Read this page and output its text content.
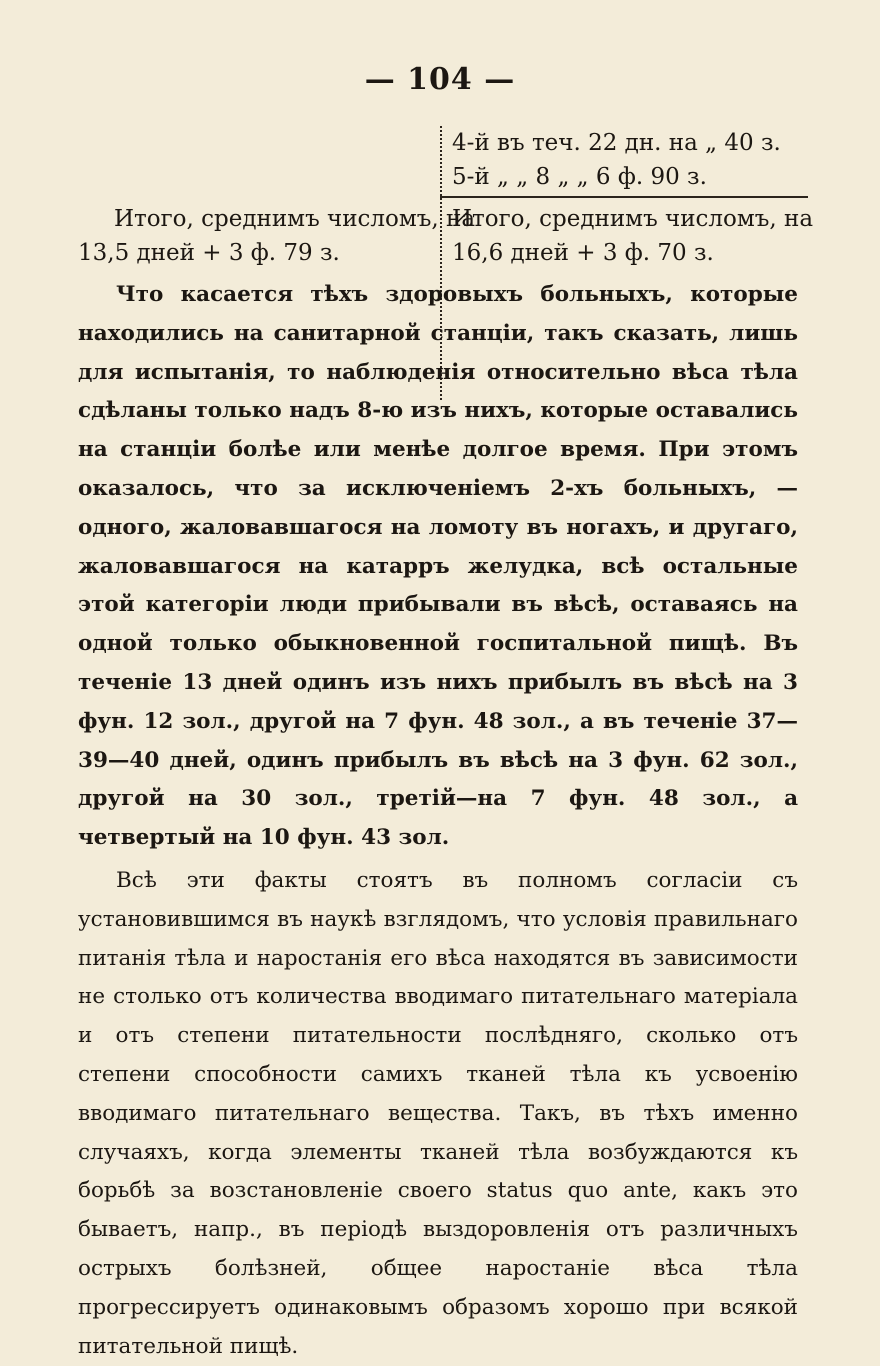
— 104 —
4-й въ теч. 22 дн. на „ 40 з.
5-й „ „ 8 „ „ 6 ф. 90 з.
Итого, среднимъ числомъ, на
13,5 дней + 3 ф. 79 з.
Итого, среднимъ числомъ, на
16,6 дней + 3 ф. 70 з.

Что касается тѣхъ здоровыхъ больныхъ, которые находились на санитарной станціи, такъ сказать, лишь для испытанія, то наблюденія относительно вѣса тѣла сдѣланы только надъ 8-ю изъ нихъ, которые оставались на станціи болѣе или менѣе долгое время. При этомъ оказалось, что за исключеніемъ 2-хъ больныхъ, — одного, жаловавшагося на ломоту въ ногахъ, и другаго, жаловавшагося на катарръ желудка, всѣ остальные этой категоріи люди прибывали въ вѣсѣ, оставаясь на одной только обыкновенной госпитальной пищѣ. Въ теченіе 13 дней одинъ изъ нихъ прибылъ въ вѣсѣ на 3 фун. 12 зол., другой на 7 фун. 48 зол., а въ теченіе 37—39—40 дней, одинъ прибылъ въ вѣсѣ на 3 фун. 62 зол., другой на 30 зол., третій—на 7 фун. 48 зол., а четвертый на 10 фун. 43 зол.

Всѣ эти факты стоятъ въ полномъ согласіи съ установившимся въ наукѣ взглядомъ, что условія правильнаго питанія тѣла и наростанія его вѣса находятся въ зависимости не столько отъ количества вводимаго питательнаго матеріала и отъ степени питательности послѣдняго, сколько отъ степени способности самихъ тканей тѣла къ усвоенію вводимаго питательнаго вещества. Такъ, въ тѣхъ именно случаяхъ, когда элементы тканей тѣла возбуждаются къ борьбѣ за возстановленіе своего status quo ante, какъ это бываетъ, напр., въ періодѣ выздоровленія отъ различныхъ острыхъ болѣзней, общее наростаніе вѣса тѣла прогрессируетъ одинаковымъ образомъ хорошо при всякой питательной пищѣ.
